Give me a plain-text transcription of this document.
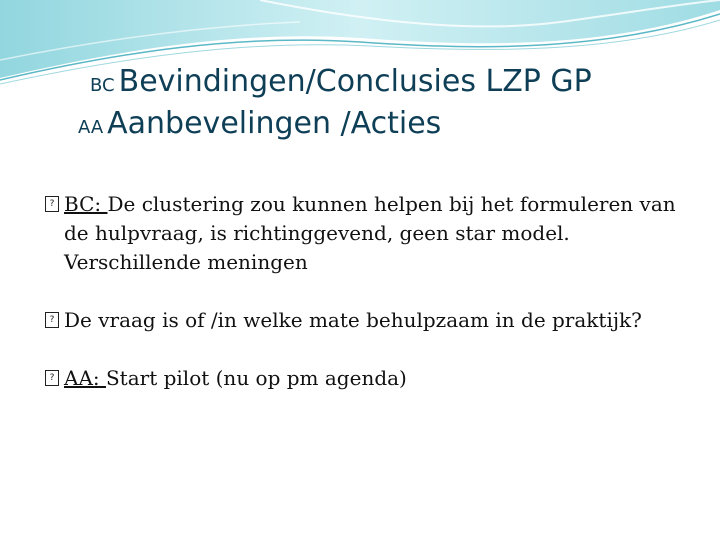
BC Bevindingen/Conclusies LZP GP
AA Aanbevelingen /Acties
? BC: De clustering zou kunnen helpen bij het formuleren van de hulpvraag, is richtinggevend, geen star model. Verschillende meningen
? De vraag is of /in welke mate behulpzaam in de praktijk?
? AA: Start pilot (nu op pm agenda)
